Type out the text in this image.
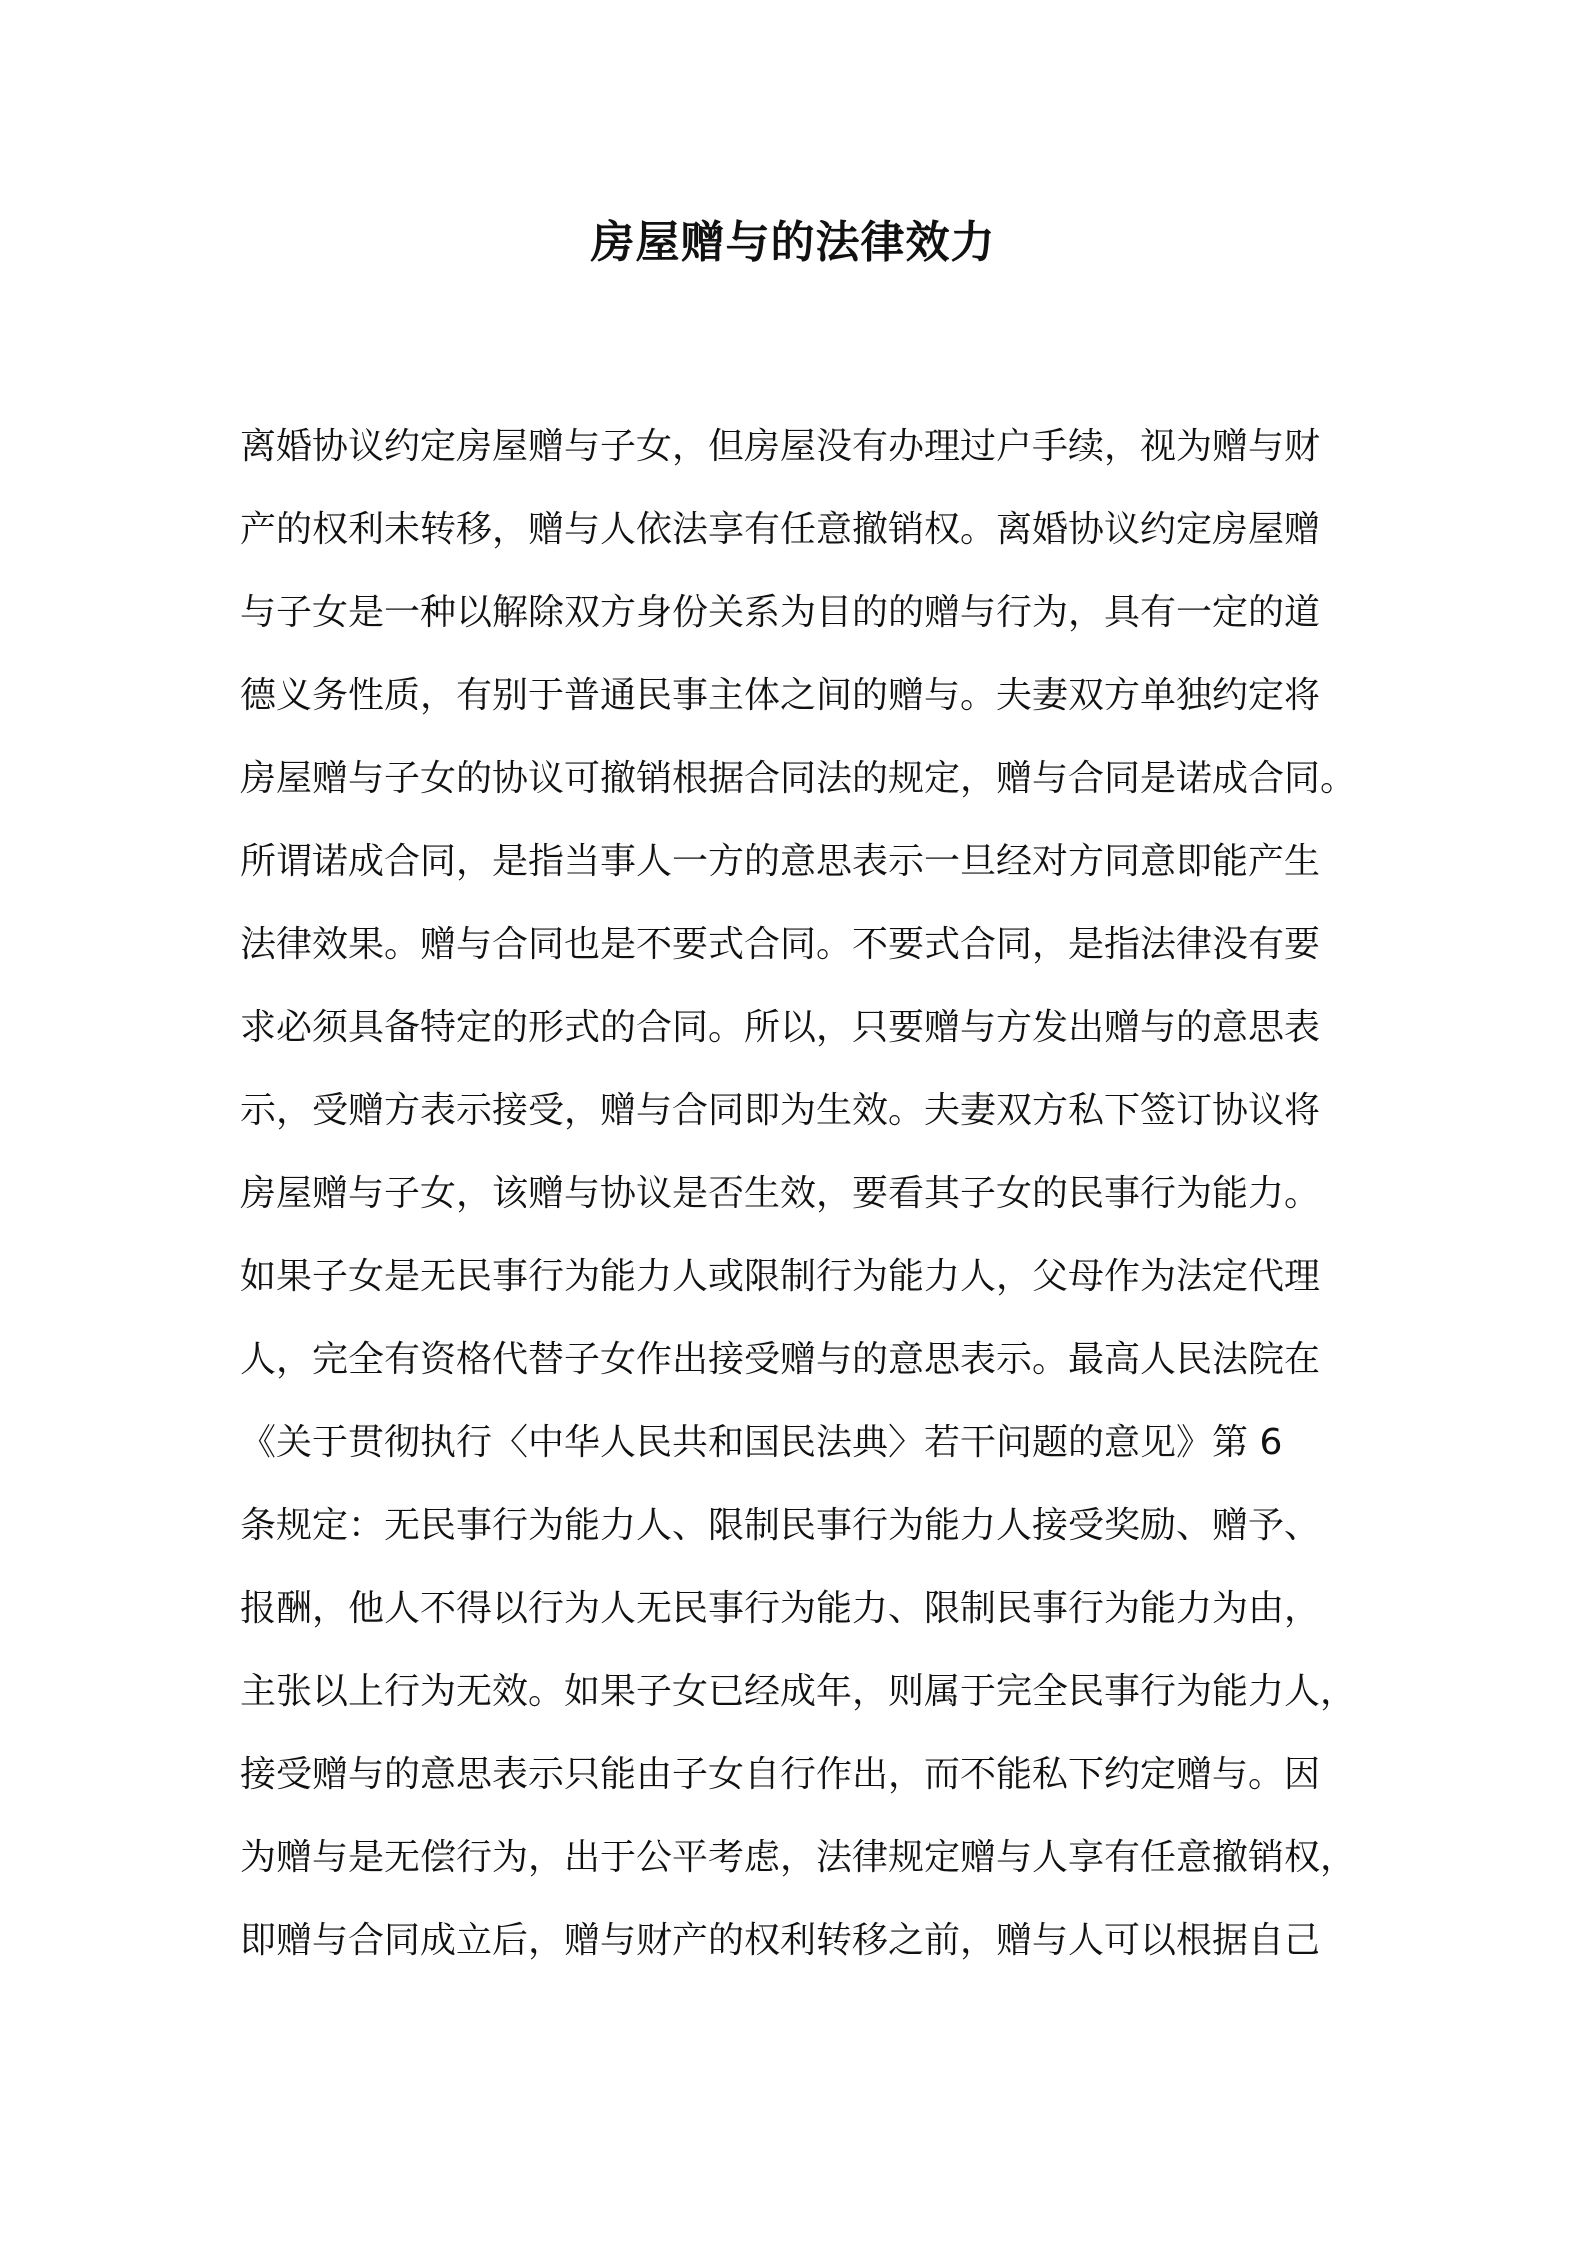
房屋赠与的法律效力
离婚协议约定房屋赠与子女，但房屋没有办理过户手续，视为赠与财
产的权利未转移，赠与人依法享有任意撤销权。离婚协议约定房屋赠
与子女是一种以解除双方身份关系为目的的赠与行为，具有一定的道
德义务性质，有别于普通民事主体之间的赠与。夫妻双方单独约定将
房屋赠与子女的协议可撤销根据合同法的规定，赠与合同是诺成合同。
所谓诺成合同，是指当事人一方的意思表示一旦经对方同意即能产生
法律效果。赠与合同也是不要式合同。不要式合同，是指法律没有要
求必须具备特定的形式的合同。所以，只要赠与方发出赠与的意思表
示，受赠方表示接受，赠与合同即为生效。夫妻双方私下签订协议将
房屋赠与子女，该赠与协议是否生效，要看其子女的民事行为能力。
如果子女是无民事行为能力人或限制行为能力人，父母作为法定代理
人，完全有资格代替子女作出接受赠与的意思表示。最高人民法院在
《关于贯彻执行〈中华人民共和国民法典〉若干问题的意见》第 6
条规定：无民事行为能力人、限制民事行为能力人接受奖励、赠予、
报酬，他人不得以行为人无民事行为能力、限制民事行为能力为由，
主张以上行为无效。如果子女已经成年，则属于完全民事行为能力人，
接受赠与的意思表示只能由子女自行作出，而不能私下约定赠与。因
为赠与是无偿行为，出于公平考虑，法律规定赠与人享有任意撤销权，
即赠与合同成立后，赠与财产的权利转移之前，赠与人可以根据自己
